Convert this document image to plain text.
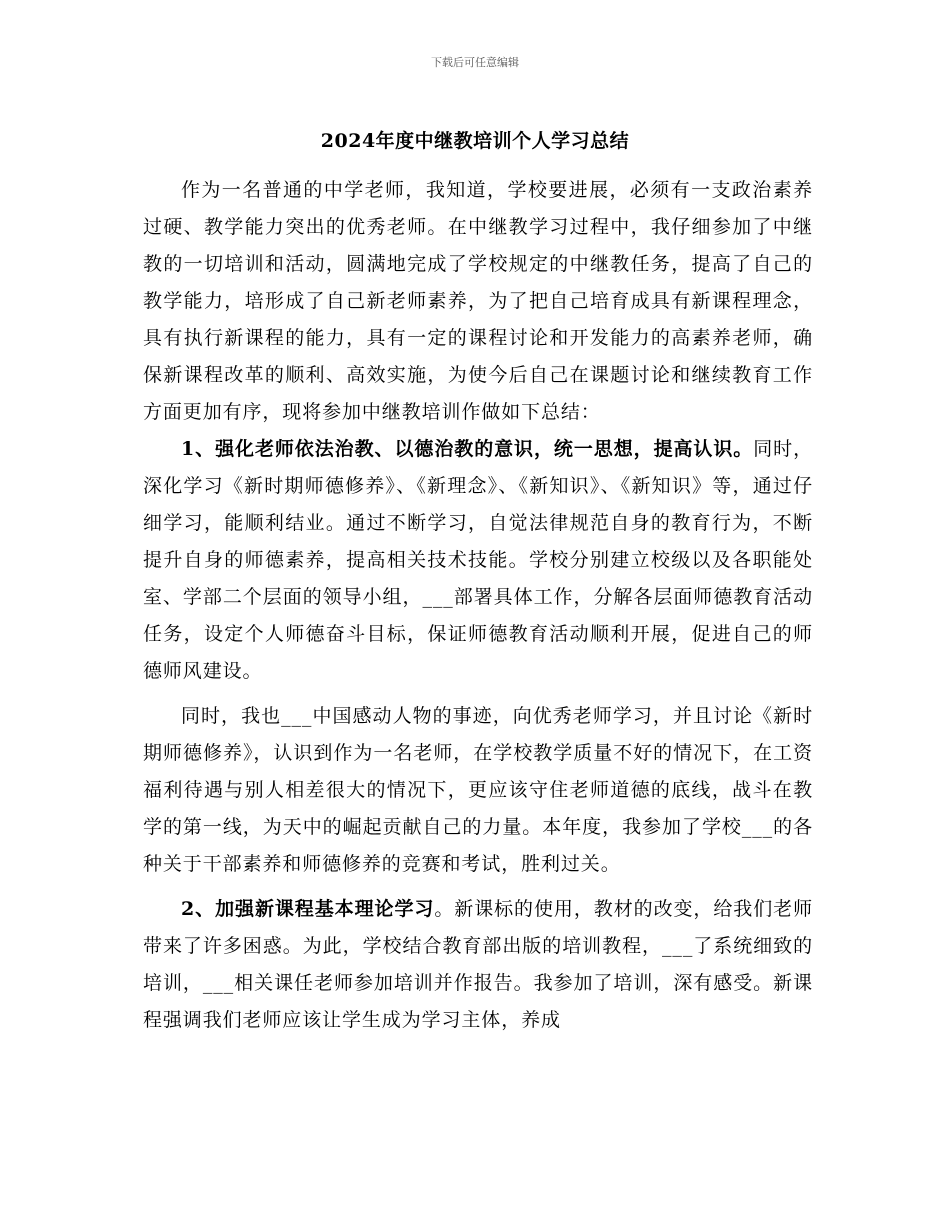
下载后可任意编辑
2024年度中继教培训个人学习总结

作为一名普通的中学老师，我知道，学校要进展，必须有一支政治素养过硬、教学能力突出的优秀老师。在中继教学习过程中，我仔细参加了中继教的一切培训和活动，圆满地完成了学校规定的中继教任务，提高了自己的教学能力，培形成了自己新老师素养，为了把自己培育成具有新课程理念，具有执行新课程的能力，具有一定的课程讨论和开发能力的高素养老师，确保新课程改革的顺利、高效实施，为使今后自己在课题讨论和继续教育工作方面更加有序，现将参加中继教培训作做如下总结：

1、强化老师依法治教、以德治教的意识，统一思想，提高认识。同时，深化学习《新时期师德修养》、《新理念》、《新知识》、《新知识》等，通过仔细学习，能顺利结业。通过不断学习，自觉法律规范自身的教育行为，不断提升自身的师德素养，提高相关技术技能。学校分别建立校级以及各职能处室、学部二个层面的领导小组，___部署具体工作，分解各层面师德教育活动任务，设定个人师德奋斗目标，保证师德教育活动顺利开展，促进自己的师德师风建设。

同时，我也___中国感动人物的事迹，向优秀老师学习，并且讨论《新时期师德修养》，认识到作为一名老师，在学校教学质量不好的情况下，在工资福利待遇与别人相差很大的情况下，更应该守住老师道德的底线，战斗在教学的第一线，为天中的崛起贡献自己的力量。本年度，我参加了学校___的各种关于干部素养和师德修养的竞赛和考试，胜利过关。

2、加强新课程基本理论学习。新课标的使用，教材的改变，给我们老师带来了许多困惑。为此，学校结合教育部出版的培训教程，___了系统细致的培训，___相关课任老师参加培训并作报告。我参加了培训，深有感受。新课程强调我们老师应该让学生成为学习主体，养成
